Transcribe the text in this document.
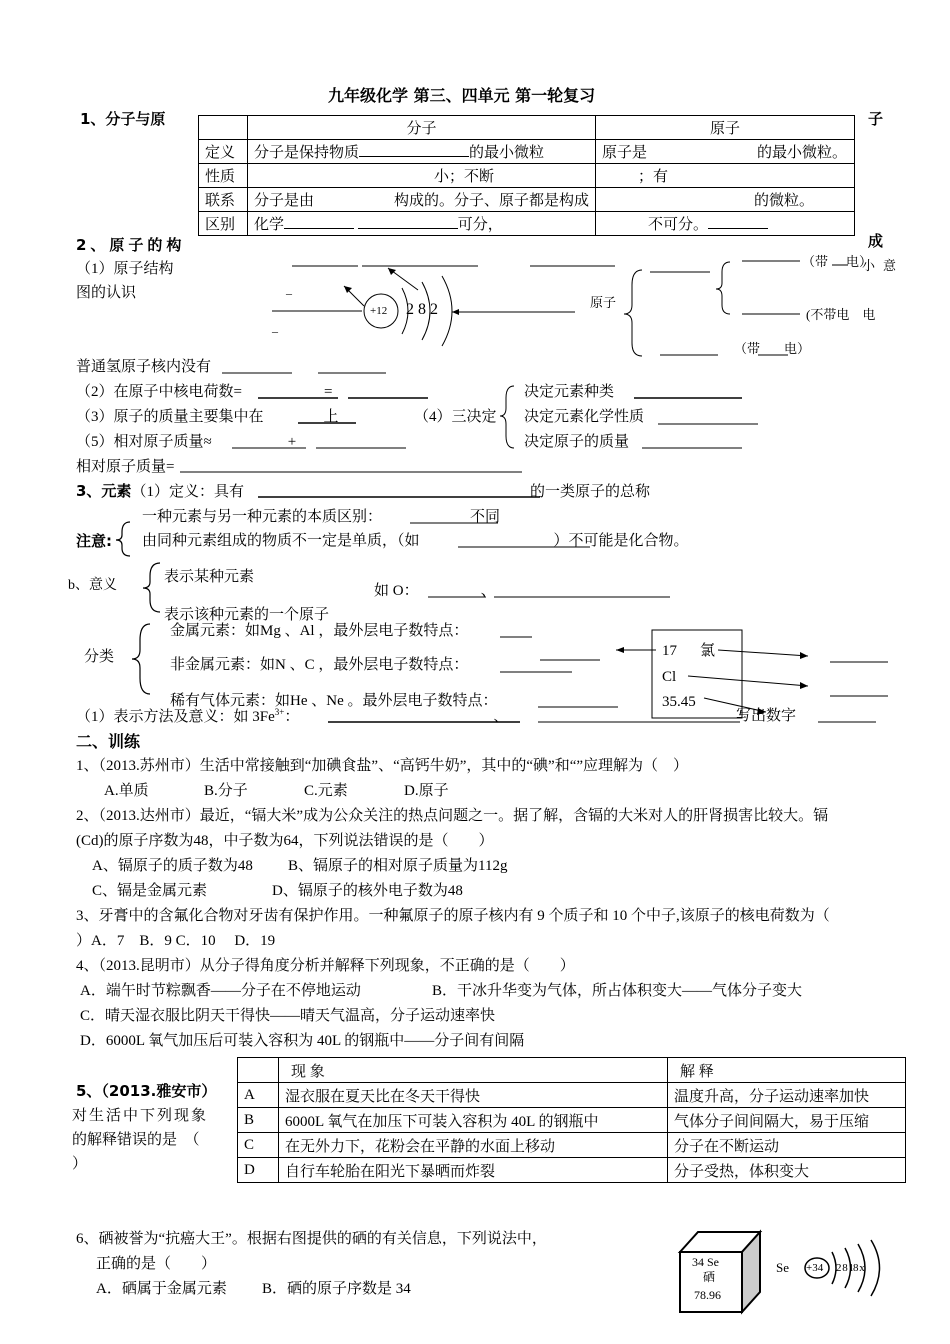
九年级化学 第三、四单元 第一轮复习
1、分子与原	子
	分子	原子
定义	分子是保持物质 的最小微粒	原子是 的最小微粒。
性质	小；不断	；有
联系	分子是由 构成的。分子、原子都是构成	的微粒。
区别	化学 可分，	不可分。
2、原子的构	成
（1）原子结构
图的认识	–
–
+12 2 8 2	原子
（带 电）
小意
(不带电　 电
（带 电）
普通氢原子核内没有
（2）在原子中核电荷数=	=
（3）原子的质量主要集中在	上	（4）三决定
决定元素种类
决定元素化学性质
决定原子的质量
（5）相对原子质量≈	+
相对原子质量=
3、元素（1）定义：具有	的一类原子的总称
注意:
一种元素与另一种元素的本质区别：	不同
由同种元素组成的物质不一定是单质，（如	）不可能是化合物。
b、意义
表示某种元素
如 O：	、
表示该种元素的一个原子
分类
金属元素：如Mg 、Al ，最外层电子数特点：
非金属元素：如N 、C ，最外层电子数特点：
稀有气体元素：如He 、Ne 。最外层电子数特点：
17 氯
Cl
35.45
（1）表示方法及意义：如 $3Fe^{3+}$：	、	写出数字
二、训练
1、（2013.苏州市）生活中常接触到“加碘食盐”、“高钙牛奶”，其中的“碘”和“”应理解为（　）
A.单质	B.分子	C.元素	D.原子
2、（2013.达州市）最近，“镉大米”成为公众关注的热点问题之一。据了解，含镉的大米对人的肝肾损害比较大。镉
(Cd)的原子序数为48，中子数为64，下列说法错误的是（　　）
A、镉原子的质子数为48 B、镉原子的相对原子质量为112g
C、镉是金属元素	D、镉原子的核外电子数为48
3、牙膏中的含氟化合物对牙齿有保护作用。一种氟原子的原子核内有 9 个质子和 10 个中子,该原子的核电荷数为（
）A．7　B．9 C．10　 D．19
4、（2013.昆明市）从分子得角度分析并解释下列现象，不正确的是（　　）
A．端午时节粽飘香——分子在不停地运动	B．干冰升华变为气体，所占体积变大——气体分子变大
C．晴天湿衣服比阴天干得快——晴天气温高，分子运动速率快
D．6000L 氧气加压后可装入容积为 40L 的钢瓶中——分子间有间隔
5、（2013.雅安市）
对生活中下列现象
的解释错误的是　（
）
	现 象	解 释
A	湿衣服在夏天比在冬天干得快	温度升高，分子运动速率加快
B	6000L 氧气在加压下可装入容积为 40L 的钢瓶中	气体分子间间隔大，易于压缩
C	在无外力下，花粉会在平静的水面上移动	分子在不断运动
D	自行车轮胎在阳光下暴晒而炸裂	分子受热，体积变大
6、硒被誉为“抗癌大王”。根据右图提供的硒的有关信息，下列说法中，
正确的是（　　）
A．硒属于金属元素 B．硒的原子序数是 34
34 Se
硒
78.96
Se +34 2 8 18 x
